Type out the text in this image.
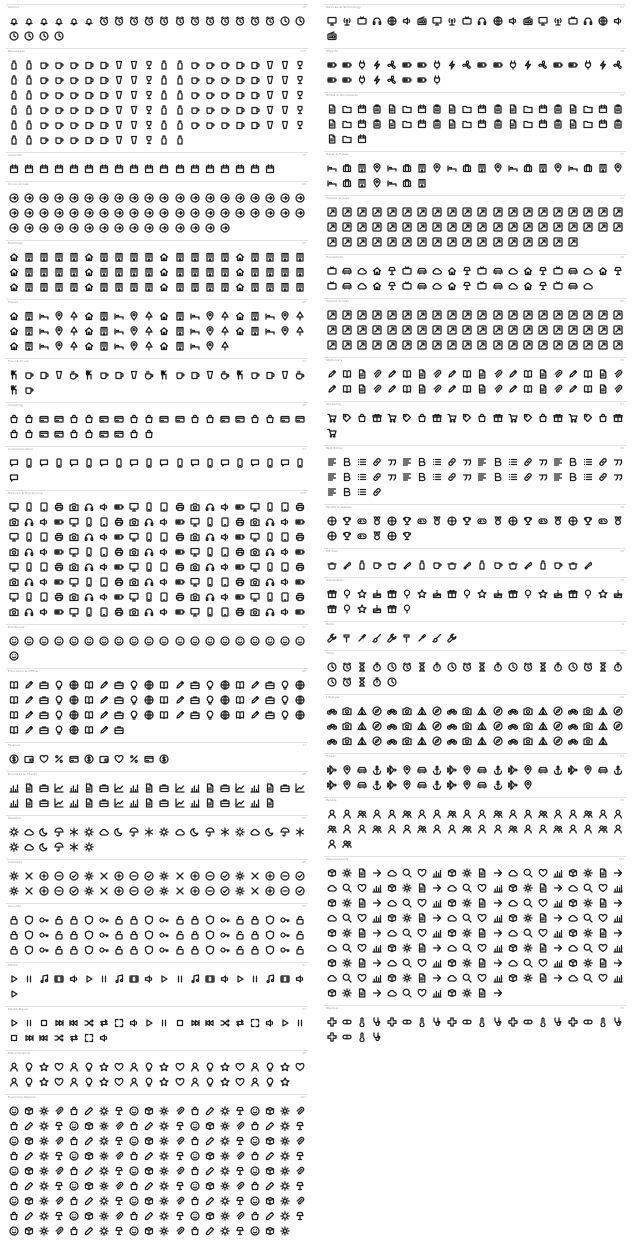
Alarms	18
Beverages	112
Calendar	18
Circle Arrows	55
Buildings	60
Places	55
Food & Drink	22
Shopping	30
Communication	21
Devices & Electronics	160
Emoticons	21
Education & Office	68
Finance	11
Business & Charts	38
Weather	26
Interface	40
Security	60
Media	21
Media Player	27
Miscellaneous	39
Everyday Objects	187
Devices & Technology	21
Objects	28
Office & Documents	43
Hotel & Travel	27
Square Arrows	57
Household	38
Square Arrows	60
Stationery	40
Shopping	21
Text Editor	44
Sports & Games	26
Kitchen	18
Celebration	26
Tools	9
Time	25
Lifestyle	59
Travel	34
People	42
Miscellaneous	172
Medical	24
